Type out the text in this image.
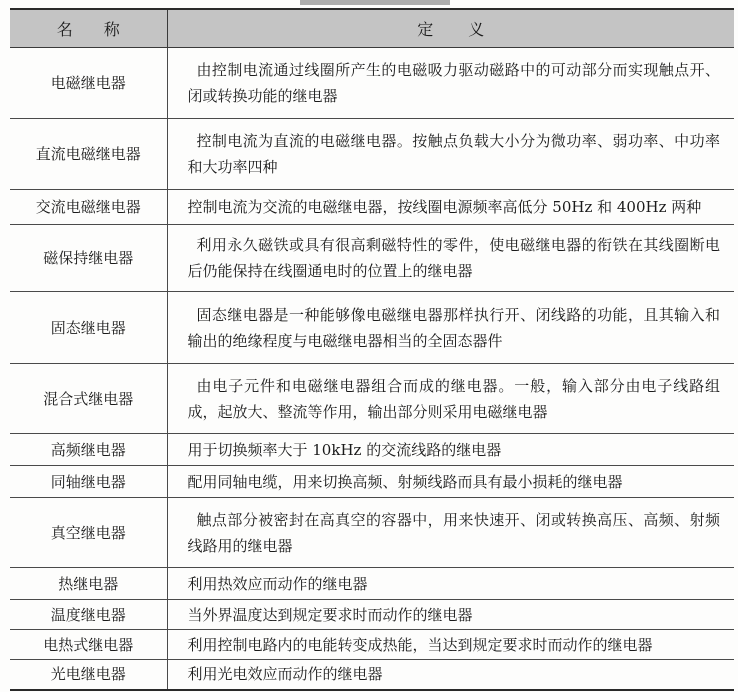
名 称	定 义
电磁继电器	由控制电流通过线圈所产生的电磁吸力驱动磁路中的可动部分而实现触点开、闭或转换功能的继电器

直流电磁继电器	控制电流为直流的电磁继电器。按触点负载大小分为微功率、弱功率、中功率和大功率四种

交流电磁继电器	控制电流为交流的电磁继电器，按线圈电源频率高低分 50Hz 和 400Hz 两种

磁保持继电器	利用永久磁铁或具有很高剩磁特性的零件，使电磁继电器的衔铁在其线圈断电后仍能保持在线圈通电时的位置上的继电器

固态继电器	固态继电器是一种能够像电磁继电器那样执行开、闭线路的功能，且其输入和输出的绝缘程度与电磁继电器相当的全固态器件

混合式继电器	由电子元件和电磁继电器组合而成的继电器。一般，输入部分由电子线路组成，起放大、整流等作用，输出部分则采用电磁继电器

高频继电器	用于切换频率大于 10kHz 的交流线路的继电器

同轴继电器	配用同轴电缆，用来切换高频、射频线路而具有最小损耗的继电器

真空继电器	触点部分被密封在高真空的容器中，用来快速开、闭或转换高压、高频、射频线路用的继电器

热继电器	利用热效应而动作的继电器

温度继电器	当外界温度达到规定要求时而动作的继电器

电热式继电器	利用控制电路内的电能转变成热能，当达到规定要求时而动作的继电器

光电继电器	利用光电效应而动作的继电器
